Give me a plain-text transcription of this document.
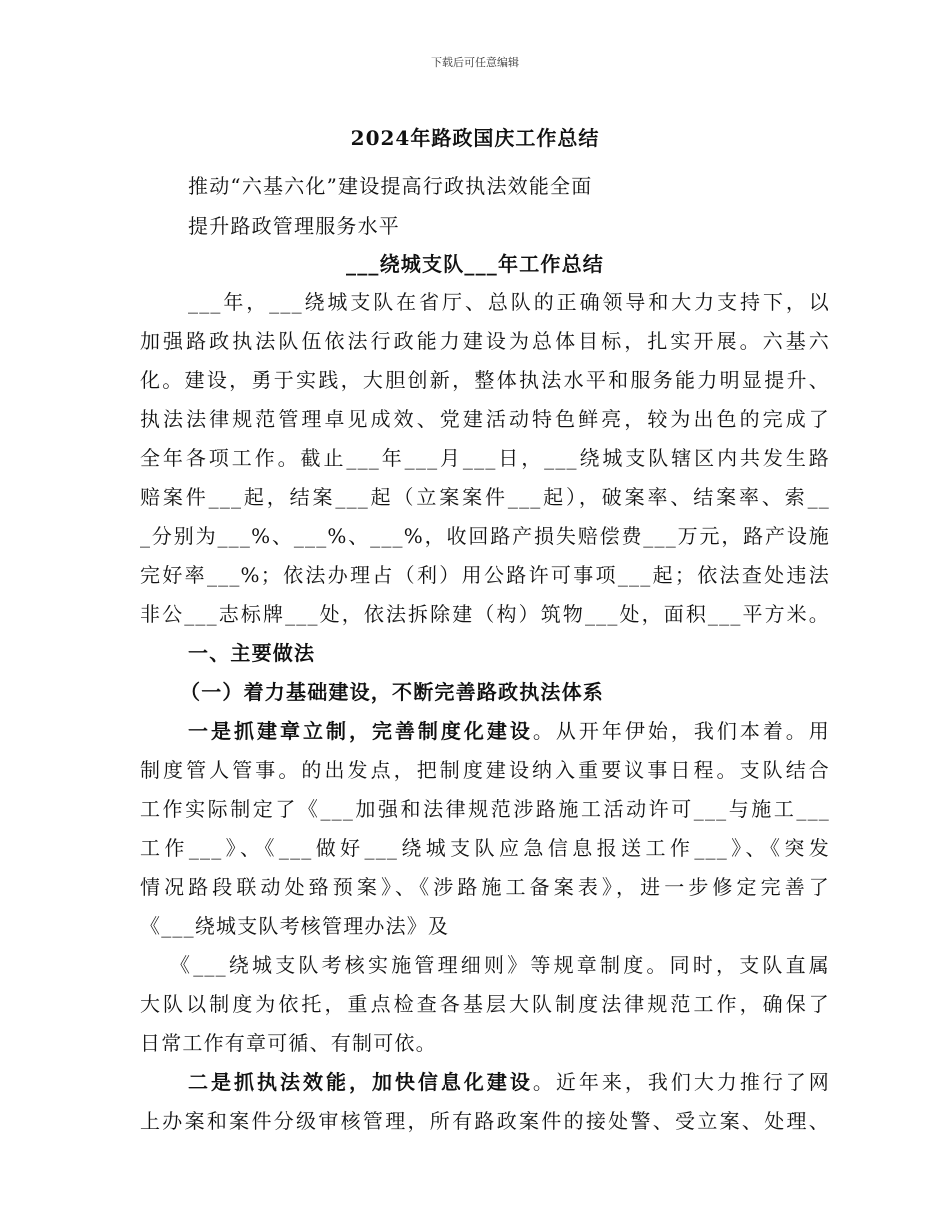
下载后可任意编辑
2024年路政国庆工作总结
推动“六基六化”建设提高行政执法效能全面
提升路政管理服务水平
___绕城支队___年工作总结
___年，___绕城支队在省厅、总队的正确领导和大力支持下，以
加强路政执法队伍依法行政能力建设为总体目标，扎实开展。六基六
化。建设，勇于实践，大胆创新，整体执法水平和服务能力明显提升、
执法法律规范管理卓见成效、党建活动特色鲜亮，较为出色的完成了
全年各项工作。截止___年___月___日，___绕城支队辖区内共发生路
赔案件___起，结案___起（立案案件___起），破案率、结案率、索__
_分别为___%、___%、___%，收回路产损失赔偿费___万元，路产设施
完好率___%；依法办理占（利）用公路许可事项___起；依法查处违法
非公___志标牌___处，依法拆除建（构）筑物___处，面积___平方米。
一、主要做法
（一）着力基础建设，不断完善路政执法体系
一是抓建章立制，完善制度化建设。从开年伊始，我们本着。用
制度管人管事。的出发点，把制度建设纳入重要议事日程。支队结合
工作实际制定了《___加强和法律规范涉路施工活动许可___与施工___
工作___》、《___做好___绕城支队应急信息报送工作___》、《突发
情况路段联动处臵预案》、《涉路施工备案表》，进一步修定完善了
《___绕城支队考核管理办法》及
《___绕城支队考核实施管理细则》等规章制度。同时，支队直属
大队以制度为依托，重点检查各基层大队制度法律规范工作，确保了
日常工作有章可循、有制可依。
二是抓执法效能，加快信息化建设。近年来，我们大力推行了网
上办案和案件分级审核管理，所有路政案件的接处警、受立案、处理、
